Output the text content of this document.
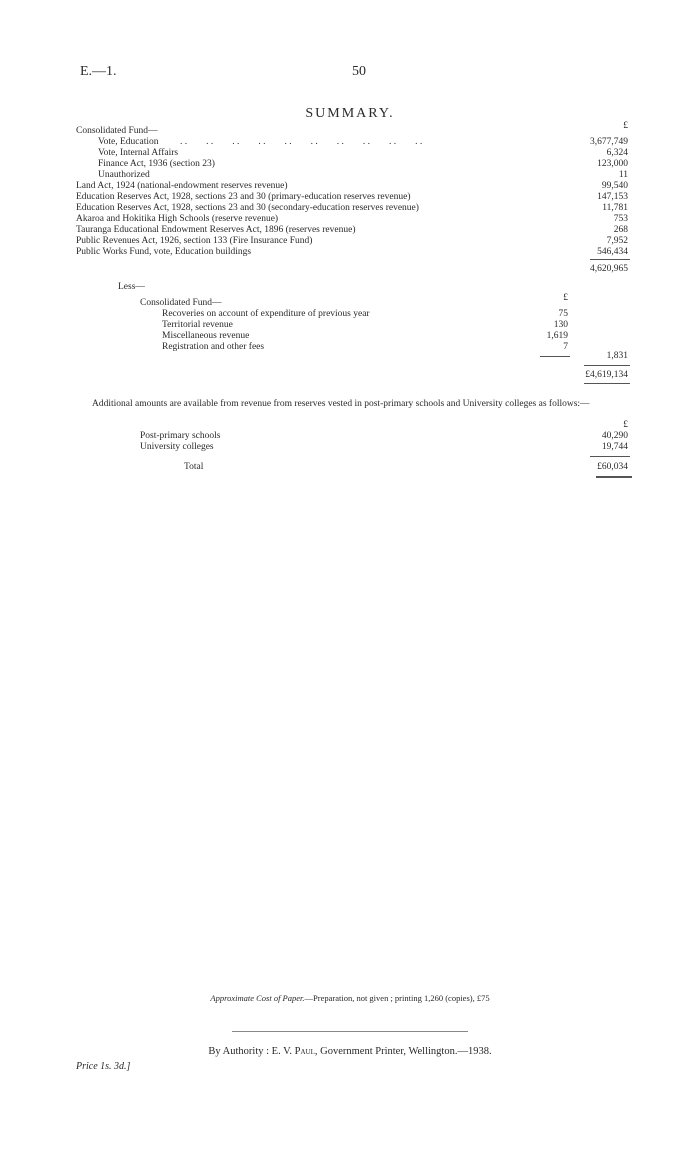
E.—1.	50
SUMMARY.
£
Consolidated Fund—
Vote, Education	3,677,749
Vote, Internal Affairs	6,324
Finance Act, 1936 (section 23)	123,000
Unauthorized	11
Land Act, 1924 (national-endowment reserves revenue)	99,540
Education Reserves Act, 1928, sections 23 and 30 (primary-education reserves revenue)	147,153
Education Reserves Act, 1928, sections 23 and 30 (secondary-education reserves revenue)	11,781
Akaroa and Hokitika High Schools (reserve revenue)	753
Tauranga Educational Endowment Reserves Act, 1896 (reserves revenue)	268
Public Revenues Act, 1926, section 133 (Fire Insurance Fund)	7,952
Public Works Fund, vote, Education buildings	546,434
4,620,965
Less—
£
Consolidated Fund—
Recoveries on account of expenditure of previous year	75
Territorial revenue	130
Miscellaneous revenue	1,619
Registration and other fees	7
1,831
£4,619,134
Additional amounts are available from revenue from reserves vested in post-primary schools and University colleges as follows:—
£
Post-primary schools	40,290
University colleges	19,744
Total	£60,034
. .        . .        . .        . .        . .        . .        . .        . .        . .        . .
Approximate Cost of Paper.—Preparation, not given ; printing 1,260 (copies), £75
By Authority : E. V. Paul, Government Printer, Wellington.—1938.
Price 1s. 3d.]
